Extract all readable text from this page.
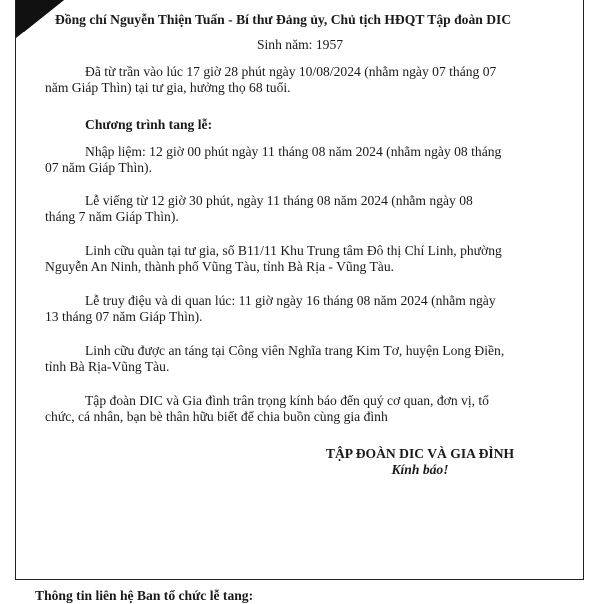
Đồng chí Nguyễn Thiện Tuấn - Bí thư Đảng ủy, Chủ tịch HĐQT Tập đoàn DIC
Sinh năm: 1957
Đã từ trần vào lúc 17 giờ 28 phút ngày 10/08/2024 (nhằm ngày 07 tháng 07
năm Giáp Thìn) tại tư gia, hưởng thọ 68 tuổi.
Chương trình tang lễ:
Nhập liệm: 12 giờ 00 phút ngày 11 tháng 08 năm 2024 (nhằm ngày 08 tháng
07 năm Giáp Thìn).
Lễ viếng từ 12 giờ 30 phút, ngày 11 tháng 08 năm 2024 (nhằm ngày 08
tháng 7 năm Giáp Thìn).
Linh cữu quàn tại tư gia, số B11/11 Khu Trung tâm Đô thị Chí Linh, phường
Nguyễn An Ninh, thành phố Vũng Tàu, tỉnh Bà Rịa - Vũng Tàu.
Lễ truy điệu và di quan lúc: 11 giờ ngày 16 tháng 08 năm 2024 (nhằm ngày
13 tháng 07 năm Giáp Thìn).
Linh cữu được an táng tại Công viên Nghĩa trang Kim Tơ, huyện Long Điền,
tỉnh Bà Rịa-Vũng Tàu.
Tập đoàn DIC và Gia đình trân trọng kính báo đến quý cơ quan, đơn vị, tổ
chức, cá nhân, bạn bè thân hữu biết để chia buồn cùng gia đình
TẬP ĐOÀN DIC VÀ GIA ĐÌNH
Kính báo!
Thông tin liên hệ Ban tổ chức lễ tang:
